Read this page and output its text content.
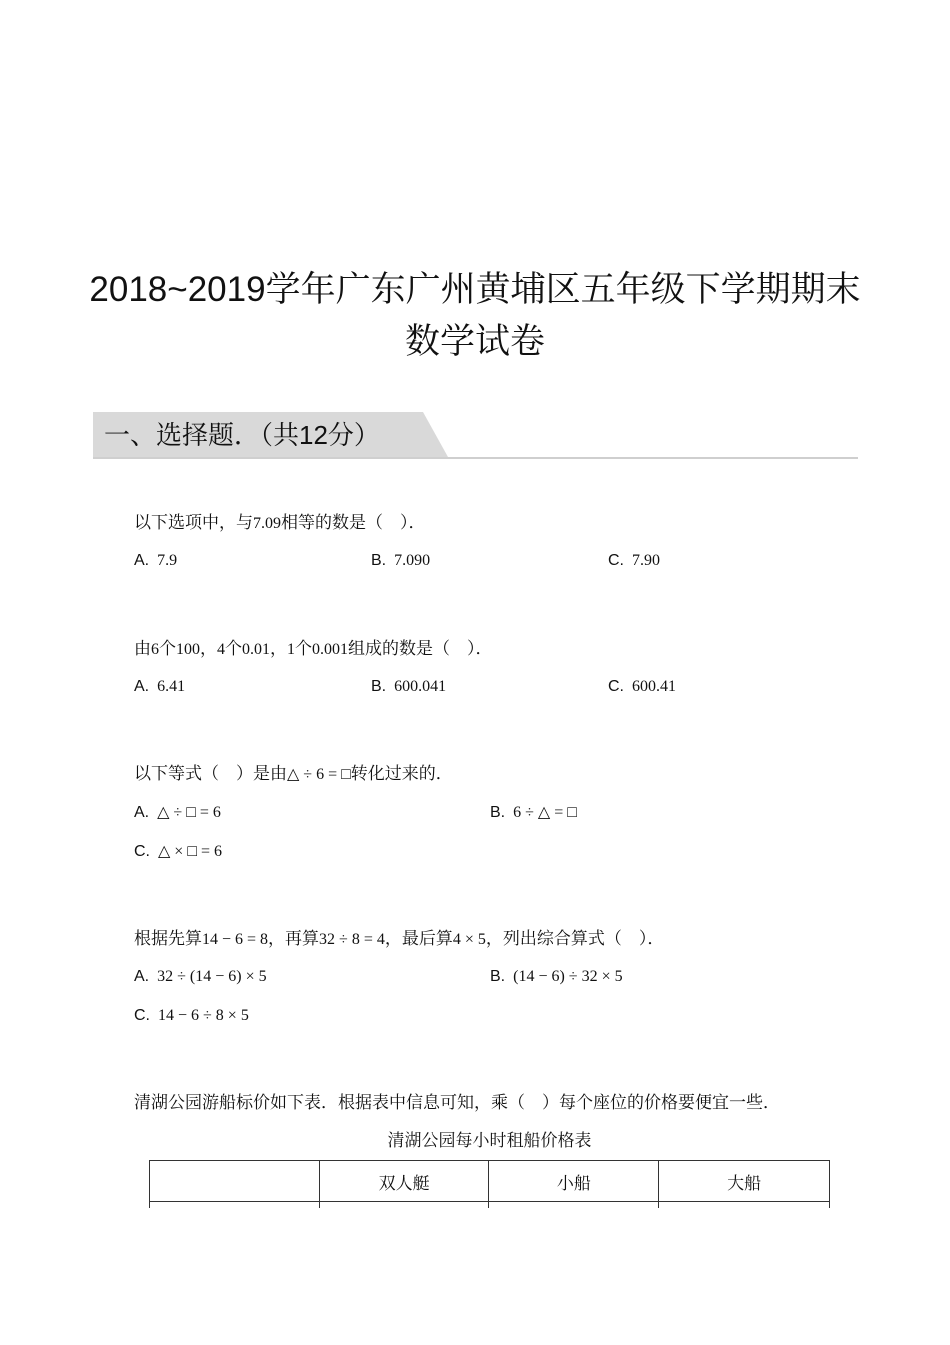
2018~2019学年广东广州黄埔区五年级下学期期末
数学试卷
一、选择题．（共12分）
以下选项中，与7.09相等的数是（　）．
A. 7.9	B. 7.090	C. 7.90
由6个100，4个0.01，1个0.001组成的数是（　）．
A. 6.41	B. 600.041	C. 600.41
以下等式（　）是由△ ÷ 6 = □转化过来的．
A. △ ÷ □ = 6	B. 6 ÷ △ = □
C. △ × □ = 6
根据先算14 − 6 = 8，再算32 ÷ 8 = 4，最后算4 × 5，列出综合算式（　）．
A. 32 ÷ (14 − 6) × 5	B. (14 − 6) ÷ 32 × 5
C. 14 − 6 ÷ 8 × 5
清湖公园游船标价如下表．根据表中信息可知，乘（　）每个座位的价格要便宜一些．
清湖公园每小时租船价格表
	双人艇	小船	大船
